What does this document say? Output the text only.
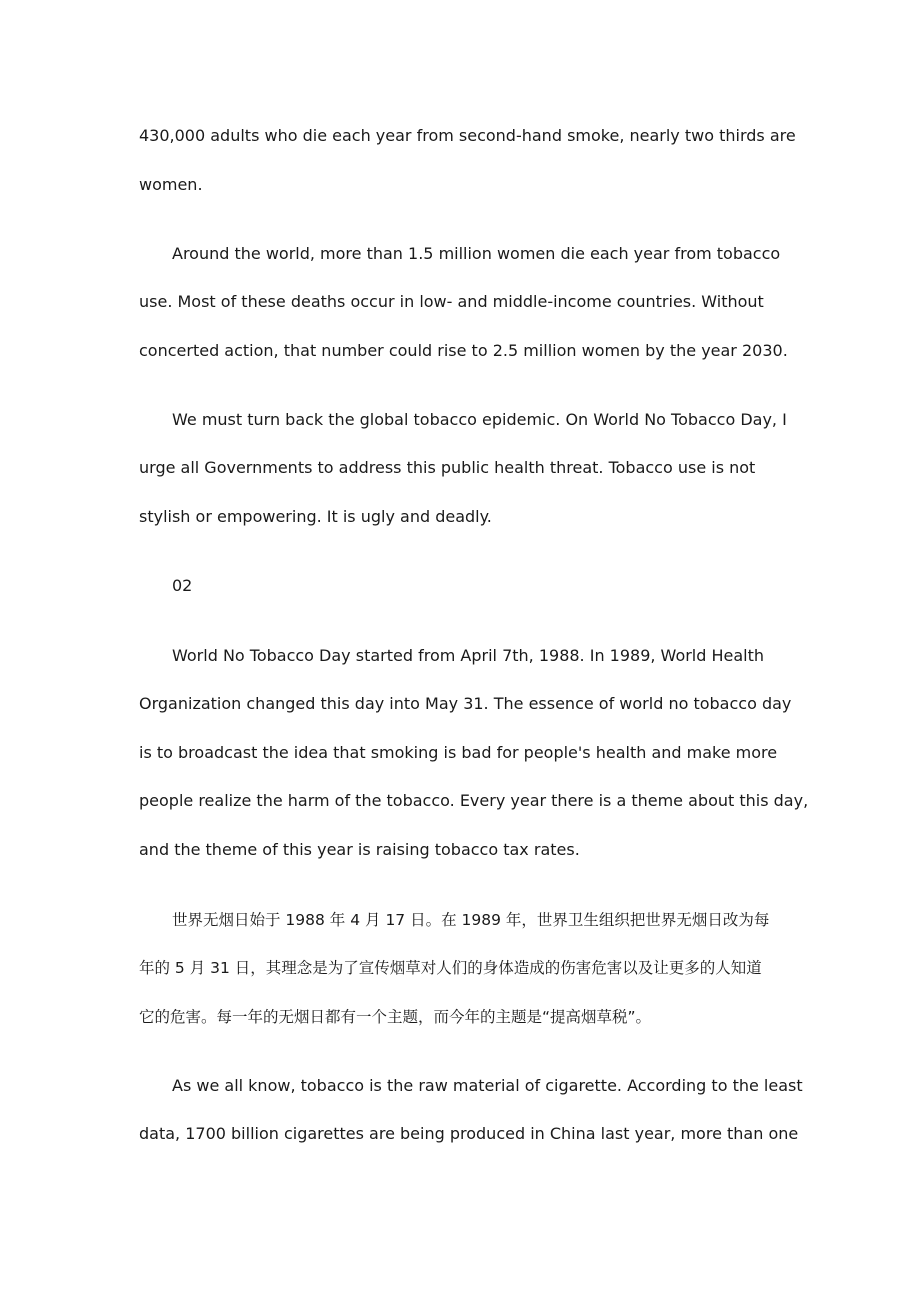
430,000 adults who die each year from second-hand smoke, nearly two thirds are
women.
Around the world, more than 1.5 million women die each year from tobacco
use. Most of these deaths occur in low- and middle-income countries. Without
concerted action, that number could rise to 2.5 million women by the year 2030.
We must turn back the global tobacco epidemic. On World No Tobacco Day, I
urge all Governments to address this public health threat. Tobacco use is not
stylish or empowering. It is ugly and deadly.
02
World No Tobacco Day started from April 7th, 1988. In 1989, World Health
Organization changed this day into May 31. The essence of world no tobacco day
is to broadcast the idea that smoking is bad for people's health and make more
people realize the harm of the tobacco. Every year there is a theme about this day,
and the theme of this year is raising tobacco tax rates.
世界无烟日始于 1988 年 4 月 17 日。在 1989 年，世界卫生组织把世界无烟日改为每
年的 5 月 31 日，其理念是为了宣传烟草对人们的身体造成的伤害危害以及让更多的人知道
它的危害。每一年的无烟日都有一个主题，而今年的主题是“提高烟草税”。
As we all know, tobacco is the raw material of cigarette. According to the least
data, 1700 billion cigarettes are being produced in China last year, more than one
